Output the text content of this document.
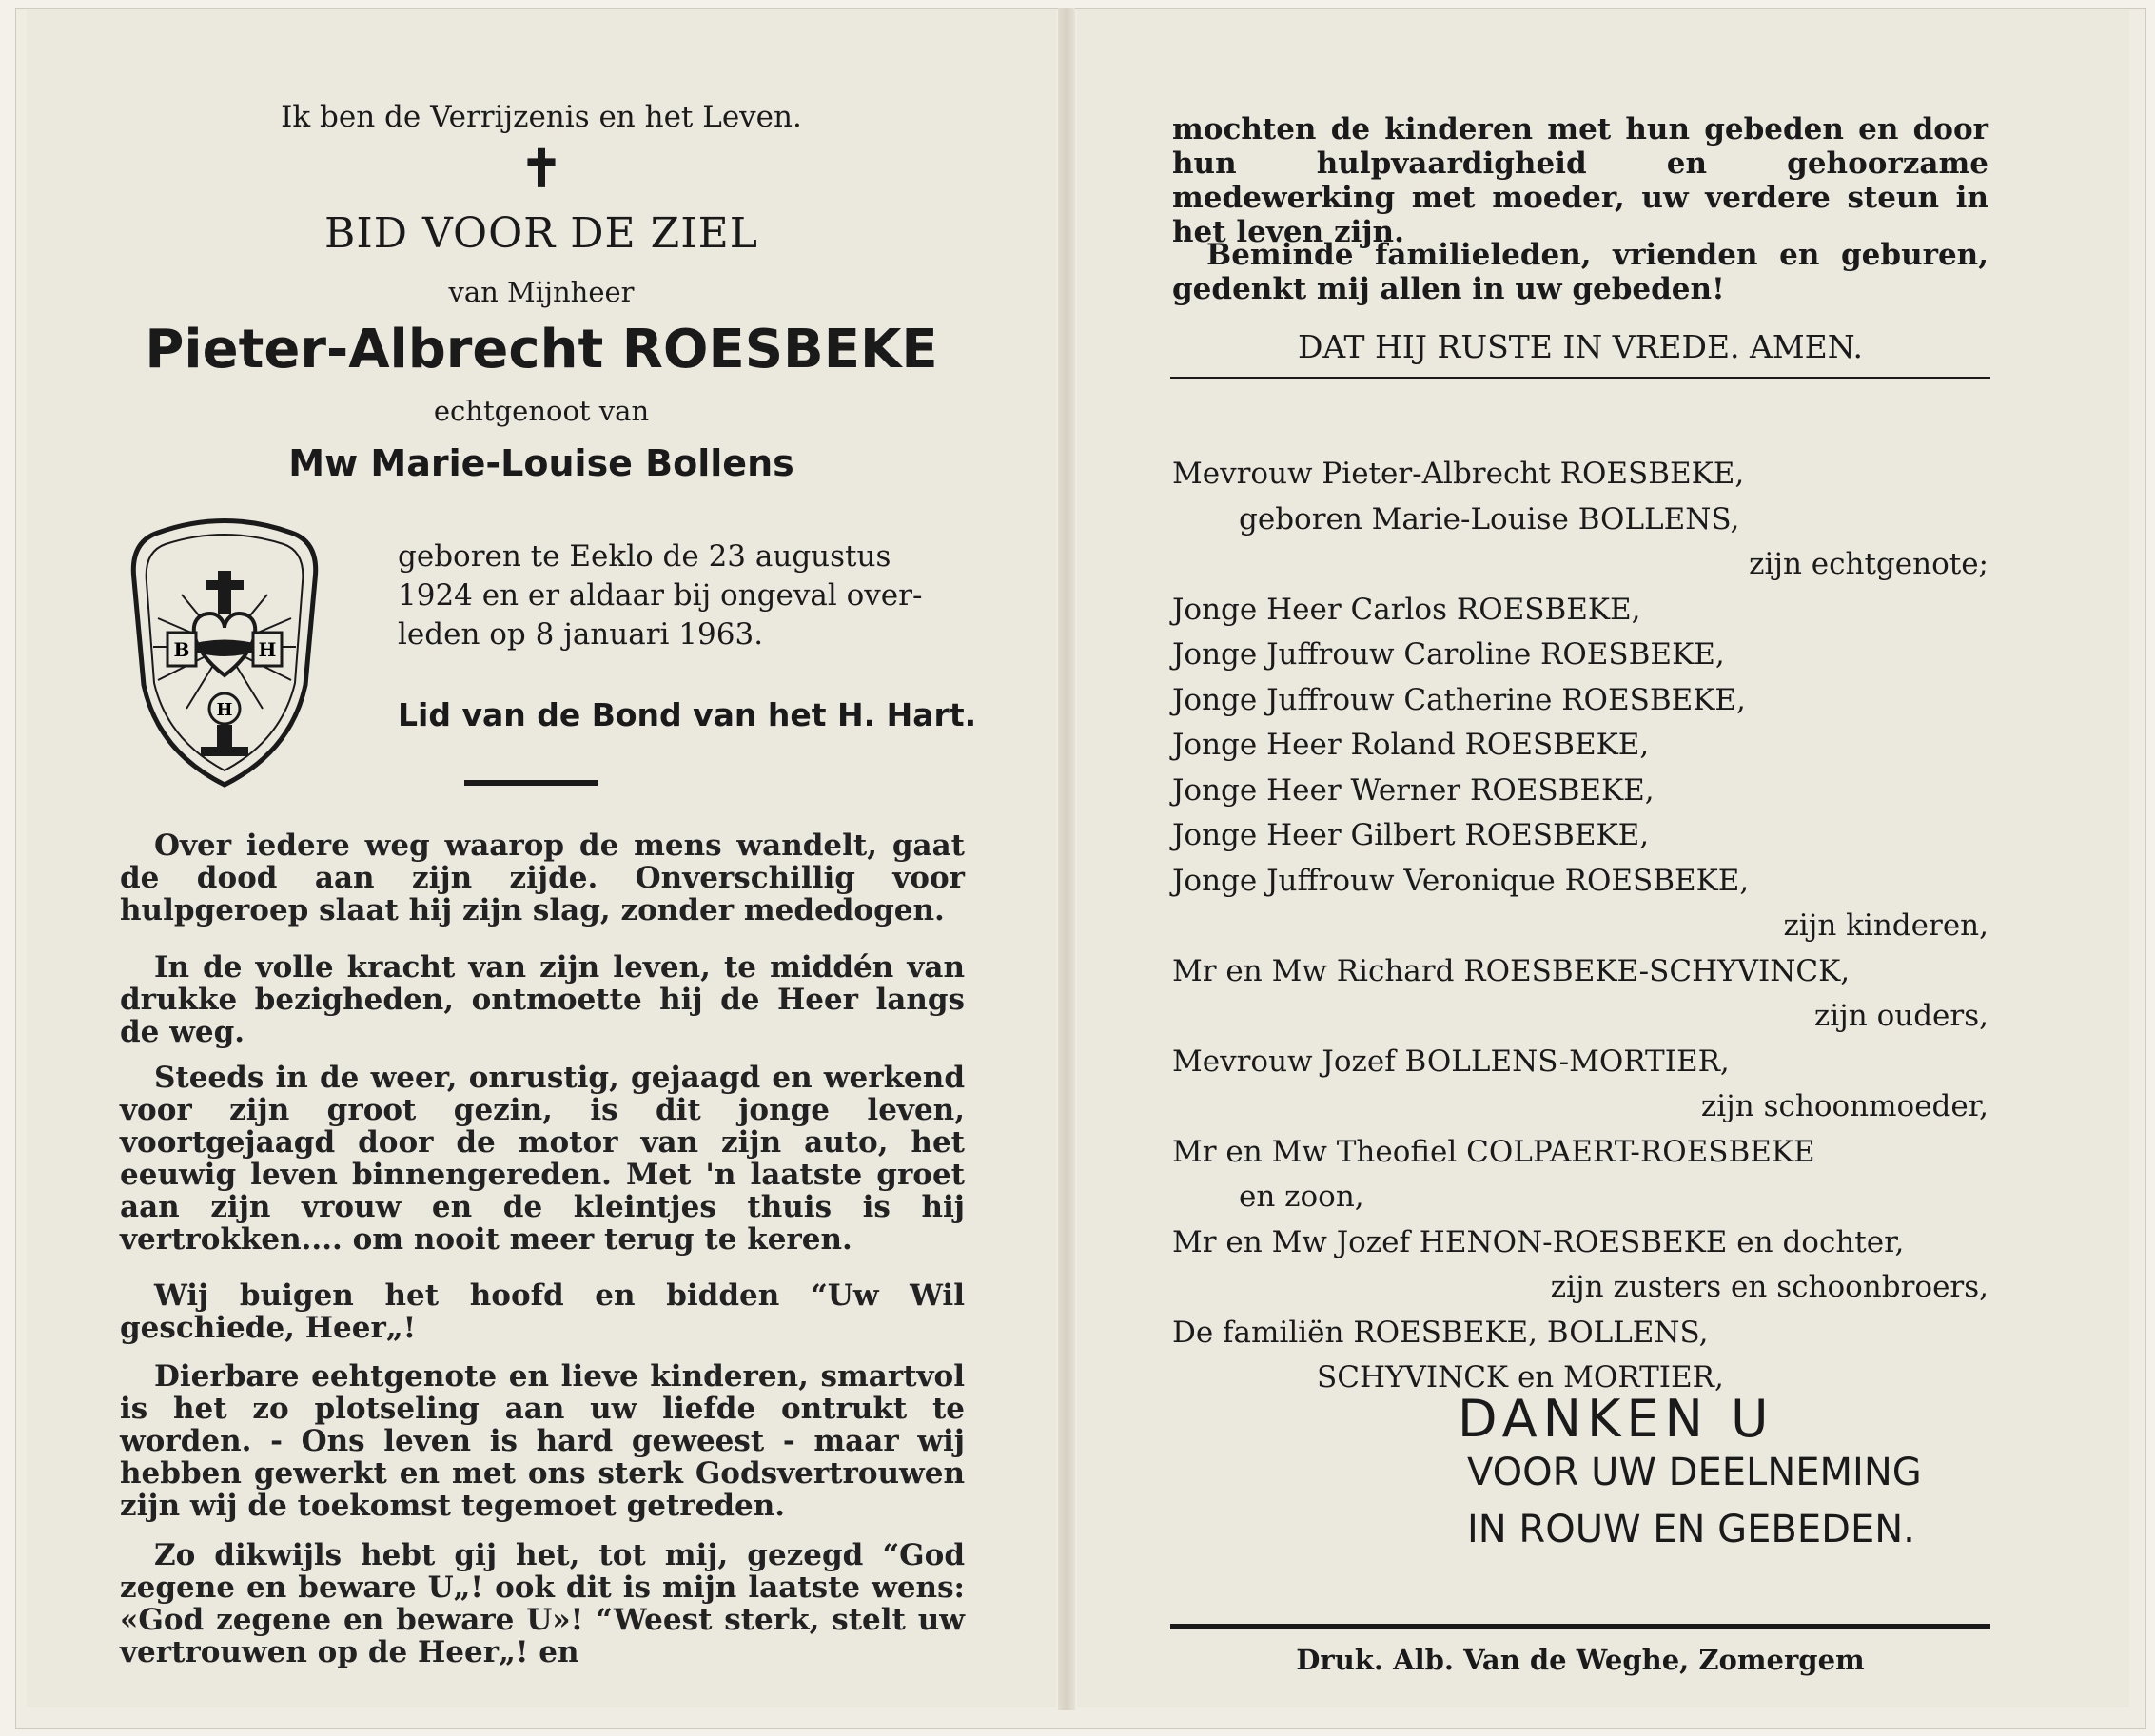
Ik ben de Verrijzenis en het Leven.
✝
BID VOOR DE ZIEL
van Mijnheer
Pieter-Albrecht ROESBEKE
echtgenoot van
Mw Marie-Louise Bollens
B	H
H
geboren te Eeklo de 23 augustus
1924 en er aldaar bij ongeval over-
leden op 8 januari 1963.
Lid van de Bond van het H. Hart.
Over iedere weg waarop de mens wandelt, gaat de dood aan zijn zijde. Onverschillig voor hulpgeroep slaat hij zijn slag, zonder mededogen.
In de volle kracht van zijn leven, te middén van drukke bezigheden, ontmoette hij de Heer langs de weg.
Steeds in de weer, onrustig, gejaagd en werkend voor zijn groot gezin, is dit jonge leven, voortgejaagd door de motor van zijn auto, het eeuwig leven binnengereden. Met 'n laatste groet aan zijn vrouw en de kleintjes thuis is hij vertrokken.... om nooit meer terug te keren.
Wij buigen het hoofd en bidden “Uw Wil geschiede, Heer„!
Dierbare eehtgenote en lieve kinderen, smartvol is het zo plotseling aan uw liefde ontrukt te worden. - Ons leven is hard geweest - maar wij hebben gewerkt en met ons sterk Godsvertrouwen zijn wij de toekomst tegemoet getreden.
Zo dikwijls hebt gij het, tot mij, gezegd “God zegene en beware U„! ook dit is mijn laatste wens: «God zegene en beware U»! “Weest sterk, stelt uw vertrouwen op de Heer„! en
mochten de kinderen met hun gebeden en door hun hulpvaardigheid en gehoorzame medewerking met moeder, uw verdere steun in het leven zijn.
Beminde familieleden, vrienden en geburen, gedenkt mij allen in uw gebeden!
DAT HIJ RUSTE IN VREDE. AMEN.
Mevrouw Pieter-Albrecht ROESBEKE,
geboren Marie-Louise BOLLENS,
zijn echtgenote;
Jonge Heer Carlos ROESBEKE,
Jonge Juffrouw Caroline ROESBEKE,
Jonge Juffrouw Catherine ROESBEKE,
Jonge Heer Roland ROESBEKE,
Jonge Heer Werner ROESBEKE,
Jonge Heer Gilbert ROESBEKE,
Jonge Juffrouw Veronique ROESBEKE,
zijn kinderen,
Mr en Mw Richard ROESBEKE-SCHYVINCK,
zijn ouders,
Mevrouw Jozef BOLLENS-MORTIER,
zijn schoonmoeder,
Mr en Mw Theofiel COLPAERT-ROESBEKE
en zoon,
Mr en Mw Jozef HENON-ROESBEKE en dochter,
zijn zusters en schoonbroers,
De familiën ROESBEKE, BOLLENS,
SCHYVINCK en MORTIER,
DANKEN U
VOOR UW DEELNEMING
IN ROUW EN GEBEDEN.
Druk. Alb. Van de Weghe, Zomergem
